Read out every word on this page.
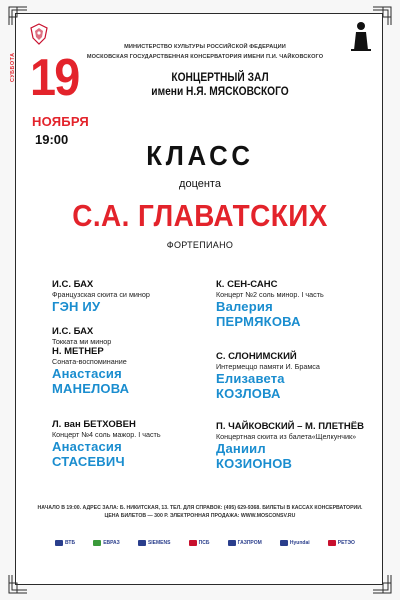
МИНИСТЕРСТВО КУЛЬТУРЫ РОССИЙСКОЙ ФЕДЕРАЦИИ
МОСКОВСКАЯ ГОСУДАРСТВЕННАЯ КОНСЕРВАТОРИЯ ИМЕНИ П.И. ЧАЙКОВСКОГО
КОНЦЕРТНЫЙ ЗАЛ
имени Н.Я. МЯСКОВСКОГО
19
СУББОТА
НОЯБРЯ
19:00
КЛАСС
доцента
С.А. ГЛАВАТСКИХ
ФОРТЕПИАНО
И.С. БАХ
Французская сюита си минор
ГЭН ИУ
И.С. БАХ
Токката ми минор
Н. МЕТНЕР
Соната-воспоминание
Анастасия
МАНЕЛОВА
Л. ван БЕТХОВЕН
Концерт №4 соль мажор. I часть
Анастасия
СТАСЕВИЧ
К. СЕН-САНС
Концерт №2 соль минор. I часть
Валерия
ПЕРМЯКОВА
С. СЛОНИМСКИЙ
Интермеццо памяти И. Брамса
Елизавета
КОЗЛОВА
П. ЧАЙКОВСКИЙ – М. ПЛЕТНЁВ
Концертная сюита из балета«Щелкунчик»
Даниил
КОЗИОНОВ
НАЧАЛО В 19:00. АДРЕС ЗАЛА: Б. НИКИТСКАЯ, 13. ТЕЛ. ДЛЯ СПРАВОК: (495) 629-9368. БИЛЕТЫ В КАССАХ КОНСЕРВАТОРИИ.
ЦЕНА БИЛЕТОВ — 300 Р. ЭЛЕКТРОННАЯ ПРОДАЖА: WWW.MOSCONSV.RU
ВТБ	ЕВРАЗ	SIEMENS	ПСБ	ГАЗПРОМ	Hyundai	РЕТЭО
